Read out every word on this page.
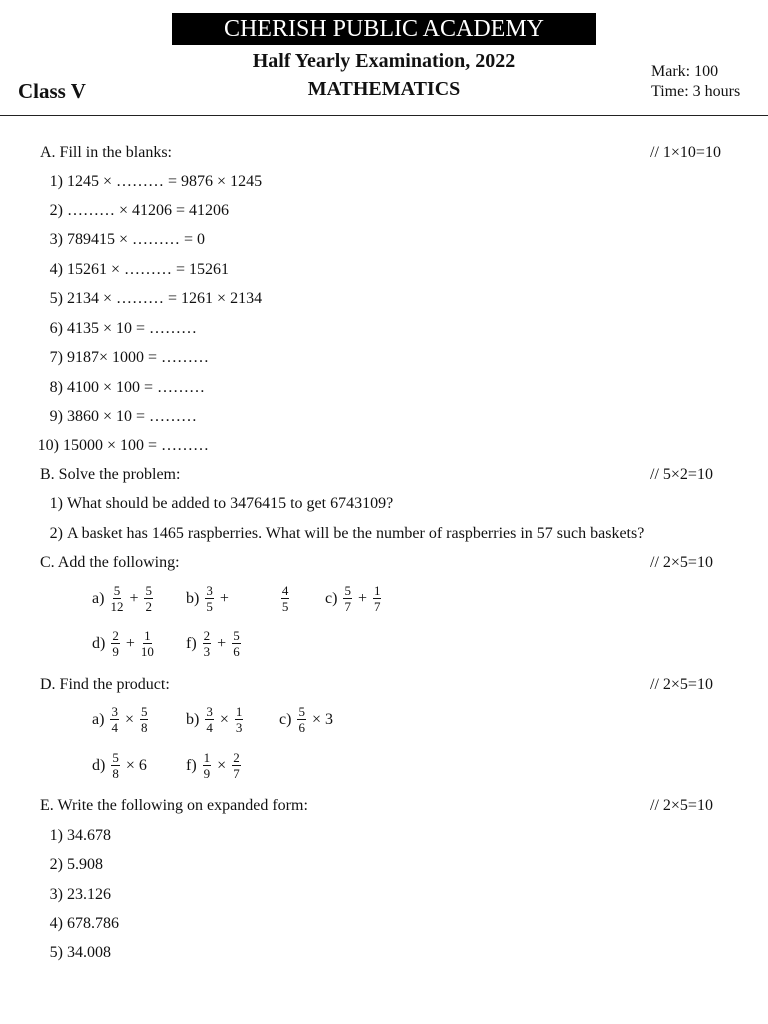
CHERISH PUBLIC ACADEMY
Half Yearly Examination, 2022
MATHEMATICS
Class V
Mark: 100
Time: 3 hours
A. Fill in the blanks:	// 1×10=10
1) 1245 × ……… = 9876 × 1245
2) ……… × 41206 = 41206
3) 789415 × ……… = 0
4) 15261 × ……… = 15261
5) 2134 × ……… = 1261 × 2134
6) 4135 × 10 = ………
7) 9187× 1000 = ………
8) 4100 × 100 = ………
9) 3860 × 10 = ………
10) 15000 × 100 = ………
B. Solve the problem:	// 5×2=10
1) What should be added to 3476415 to get 6743109?
2) A basket has 1465 raspberries. What will be the number of raspberries in 57 such baskets?
C. Add the following:	// 2×5=10
$a) \frac{5}{12} + \frac{5}{2} b) \frac{3}{5}$ +	$\frac{4}{5} c) \frac{5}{7} + \frac{1}{7}$
$d) \frac{2}{9} + \frac{1}{10} f) \frac{2}{3} + \frac{5}{6}$
D. Find the product:	// 2×5=10
$a) \frac{3}{4} \times \frac{5}{8} b) \frac{3}{4} \times \frac{1}{3} c) \frac{5}{6} \times 3$
$d) \frac{5}{8} \times 6$ $f) \frac{1}{9} \times \frac{2}{7}$
E. Write the following on expanded form:	// 2×5=10
1) 34.678
2) 5.908
3) 23.126
4) 678.786
5) 34.008
